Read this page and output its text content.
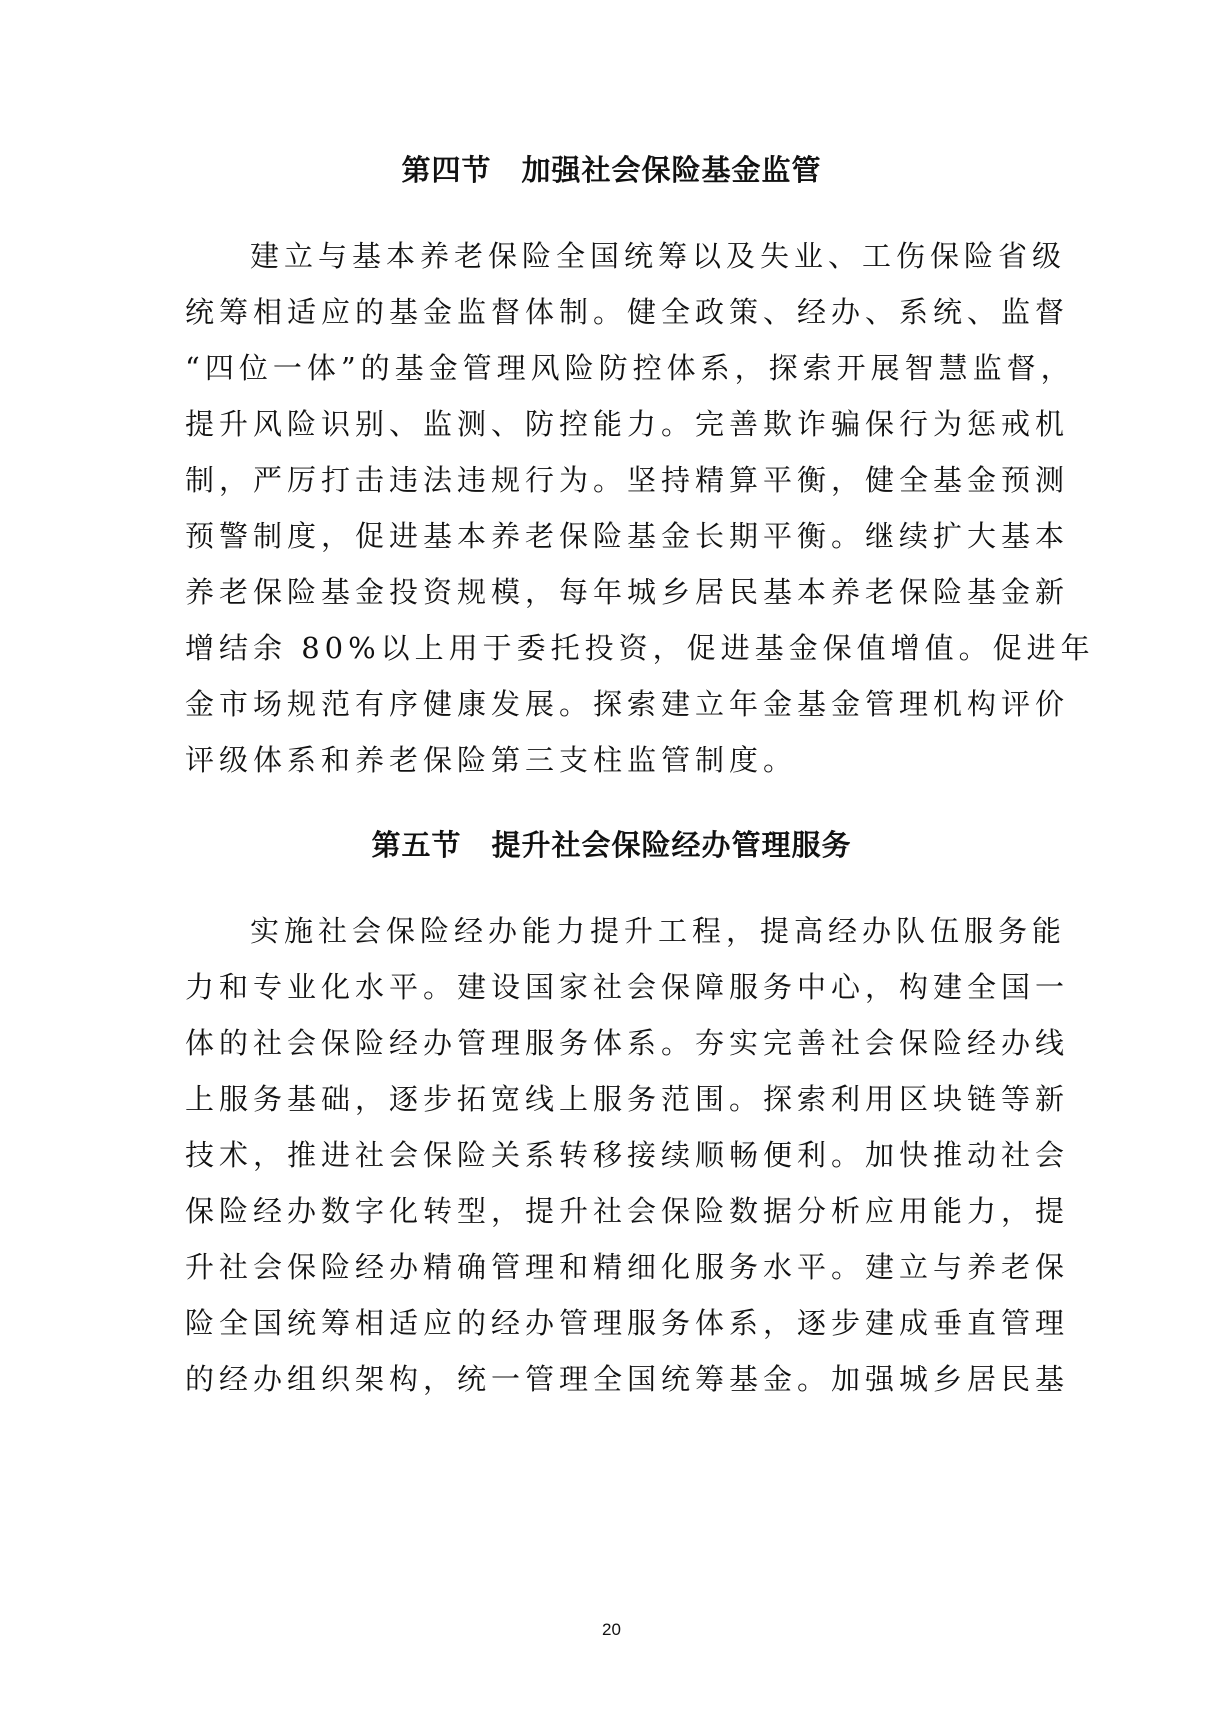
第四节　加强社会保险基金监管
建立与基本养老保险全国统筹以及失业、工伤保险省级
统筹相适应的基金监督体制。健全政策、经办、系统、监督
“四位一体”的基金管理风险防控体系，探索开展智慧监督，
提升风险识别、监测、防控能力。完善欺诈骗保行为惩戒机
制，严厉打击违法违规行为。坚持精算平衡，健全基金预测
预警制度，促进基本养老保险基金长期平衡。继续扩大基本
养老保险基金投资规模，每年城乡居民基本养老保险基金新
增结余 80%以上用于委托投资，促进基金保值增值。促进年
金市场规范有序健康发展。探索建立年金基金管理机构评价
评级体系和养老保险第三支柱监管制度。
第五节　提升社会保险经办管理服务
实施社会保险经办能力提升工程，提高经办队伍服务能
力和专业化水平。建设国家社会保障服务中心，构建全国一
体的社会保险经办管理服务体系。夯实完善社会保险经办线
上服务基础，逐步拓宽线上服务范围。探索利用区块链等新
技术，推进社会保险关系转移接续顺畅便利。加快推动社会
保险经办数字化转型，提升社会保险数据分析应用能力，提
升社会保险经办精确管理和精细化服务水平。建立与养老保
险全国统筹相适应的经办管理服务体系，逐步建成垂直管理
的经办组织架构，统一管理全国统筹基金。加强城乡居民基
20
